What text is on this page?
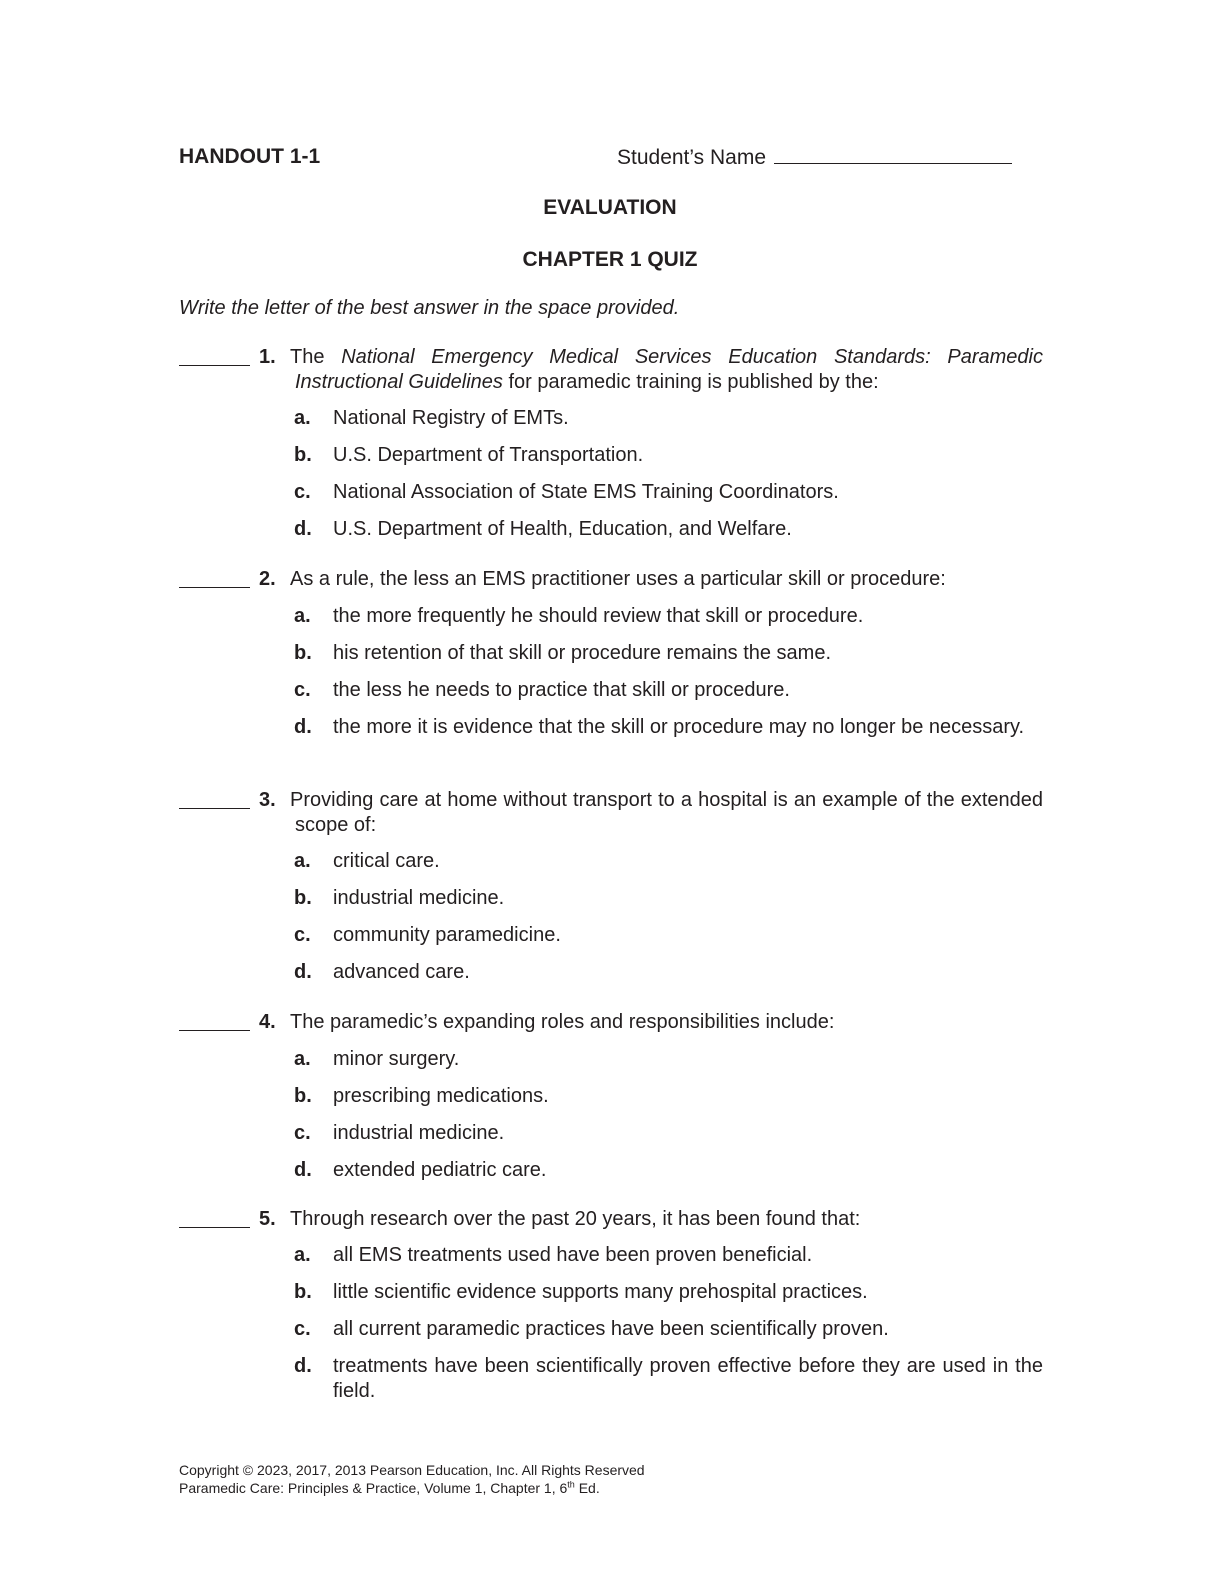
HANDOUT 1-1	Student’s Name
EVALUATION
CHAPTER 1 QUIZ
Write the letter of the best answer in the space provided.
1. The National Emergency Medical Services Education Standards: Paramedic Instructional Guidelines for paramedic training is published by the:
a. National Registry of EMTs.
b. U.S. Department of Transportation.
c. National Association of State EMS Training Coordinators.
d. U.S. Department of Health, Education, and Welfare.
2. As a rule, the less an EMS practitioner uses a particular skill or procedure:
a. the more frequently he should review that skill or procedure.
b. his retention of that skill or procedure remains the same.
c. the less he needs to practice that skill or procedure.
d. the more it is evidence that the skill or procedure may no longer be necessary.
3. Providing care at home without transport to a hospital is an example of the extended scope of:
a. critical care.
b. industrial medicine.
c. community paramedicine.
d. advanced care.
4. The paramedic’s expanding roles and responsibilities include:
a. minor surgery.
b. prescribing medications.
c. industrial medicine.
d. extended pediatric care.
5. Through research over the past 20 years, it has been found that:
a. all EMS treatments used have been proven beneficial.
b. little scientific evidence supports many prehospital practices.
c. all current paramedic practices have been scientifically proven.
d. treatments have been scientifically proven effective before they are used in the field.
Copyright © 2023, 2017, 2013 Pearson Education, Inc. All Rights Reserved
Paramedic Care: Principles & Practice, Volume 1, Chapter 1, 6th Ed.
